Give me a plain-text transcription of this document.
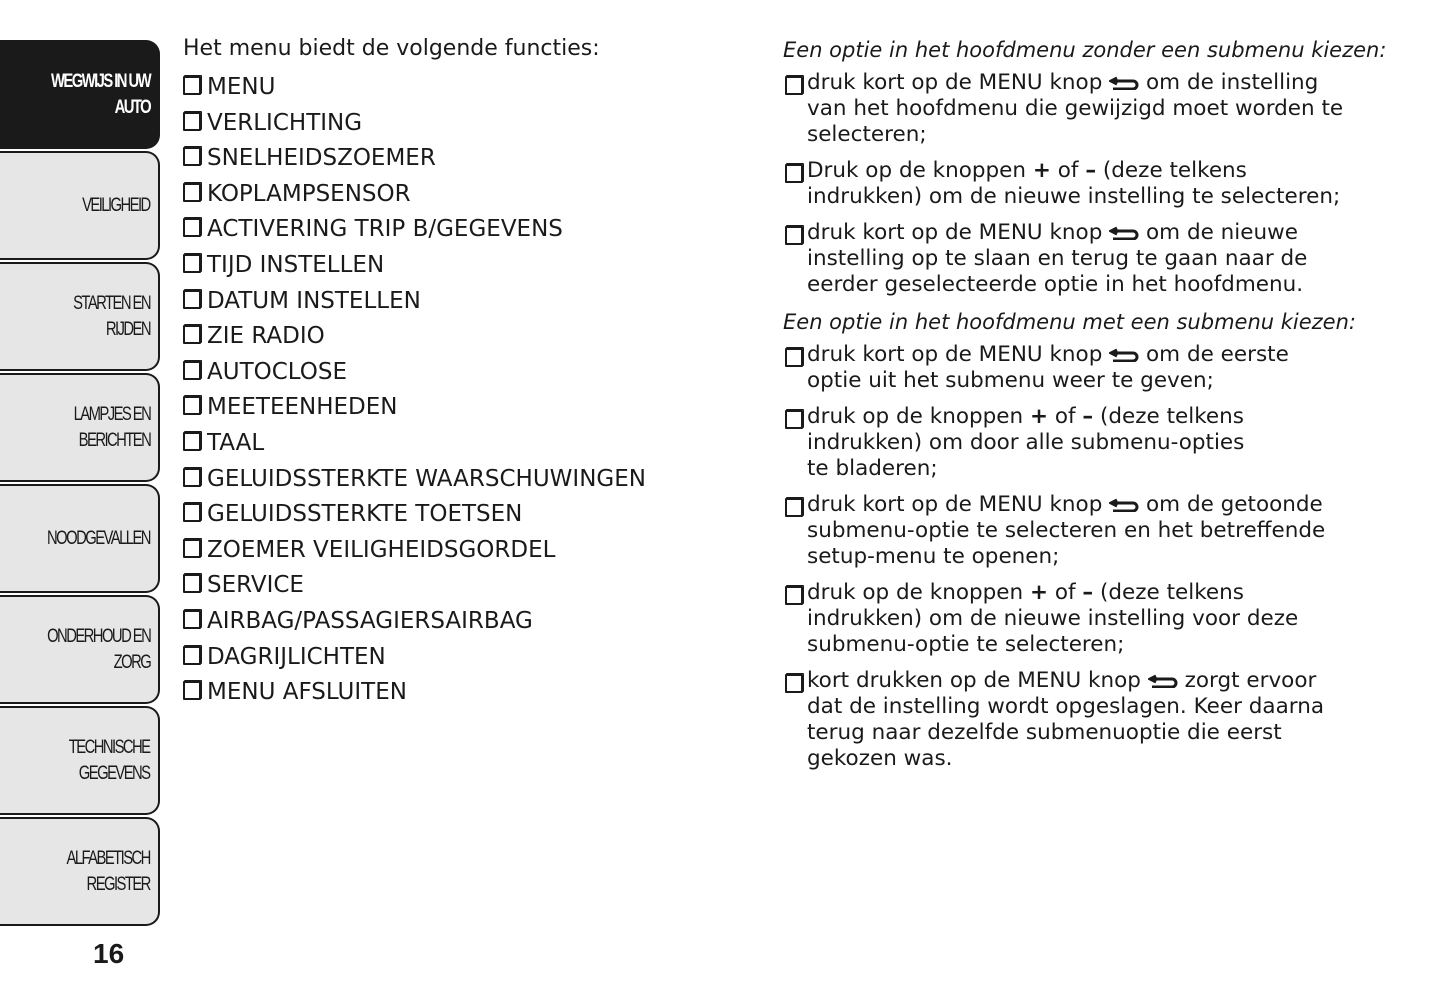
WEGWIJS IN UW
AUTO
VEILIGHEID
STARTEN EN RIJDEN
LAMPJES EN
BERICHTEN
NOODGEVALLEN
ONDERHOUD EN
ZORG
TECHNISCHE
GEGEVENS
ALFABETISCH
REGISTER
16
Het menu biedt de volgende functies:
MENU
VERLICHTING
SNELHEIDSZOEMER
KOPLAMPSENSOR
ACTIVERING TRIP B/GEGEVENS
TIJD INSTELLEN
DATUM INSTELLEN
ZIE RADIO
AUTOCLOSE
MEETEENHEDEN
TAAL
GELUIDSSTERKTE WAARSCHUWINGEN
GELUIDSSTERKTE TOETSEN
ZOEMER VEILIGHEIDSGORDEL
SERVICE
AIRBAG/PASSAGIERSAIRBAG
DAGRIJLICHTEN
MENU AFSLUITEN
Een optie in het hoofdmenu zonder een submenu kiezen:
druk kort op de MENU knop  om de instelling
van het hoofdmenu die gewijzigd moet worden te
selecteren;
Druk op de knoppen + of – (deze telkens
indrukken) om de nieuwe instelling te selecteren;
druk kort op de MENU knop  om de nieuwe
instelling op te slaan en terug te gaan naar de
eerder geselecteerde optie in het hoofdmenu.
Een optie in het hoofdmenu met een submenu kiezen:
druk kort op de MENU knop  om de eerste
optie uit het submenu weer te geven;
druk op de knoppen + of – (deze telkens
indrukken) om door alle submenu-opties
te bladeren;
druk kort op de MENU knop  om de getoonde
submenu-optie te selecteren en het betreffende
setup-menu te openen;
druk op de knoppen + of – (deze telkens
indrukken) om de nieuwe instelling voor deze
submenu-optie te selecteren;
kort drukken op de MENU knop  zorgt ervoor
dat de instelling wordt opgeslagen. Keer daarna
terug naar dezelfde submenuoptie die eerst
gekozen was.
